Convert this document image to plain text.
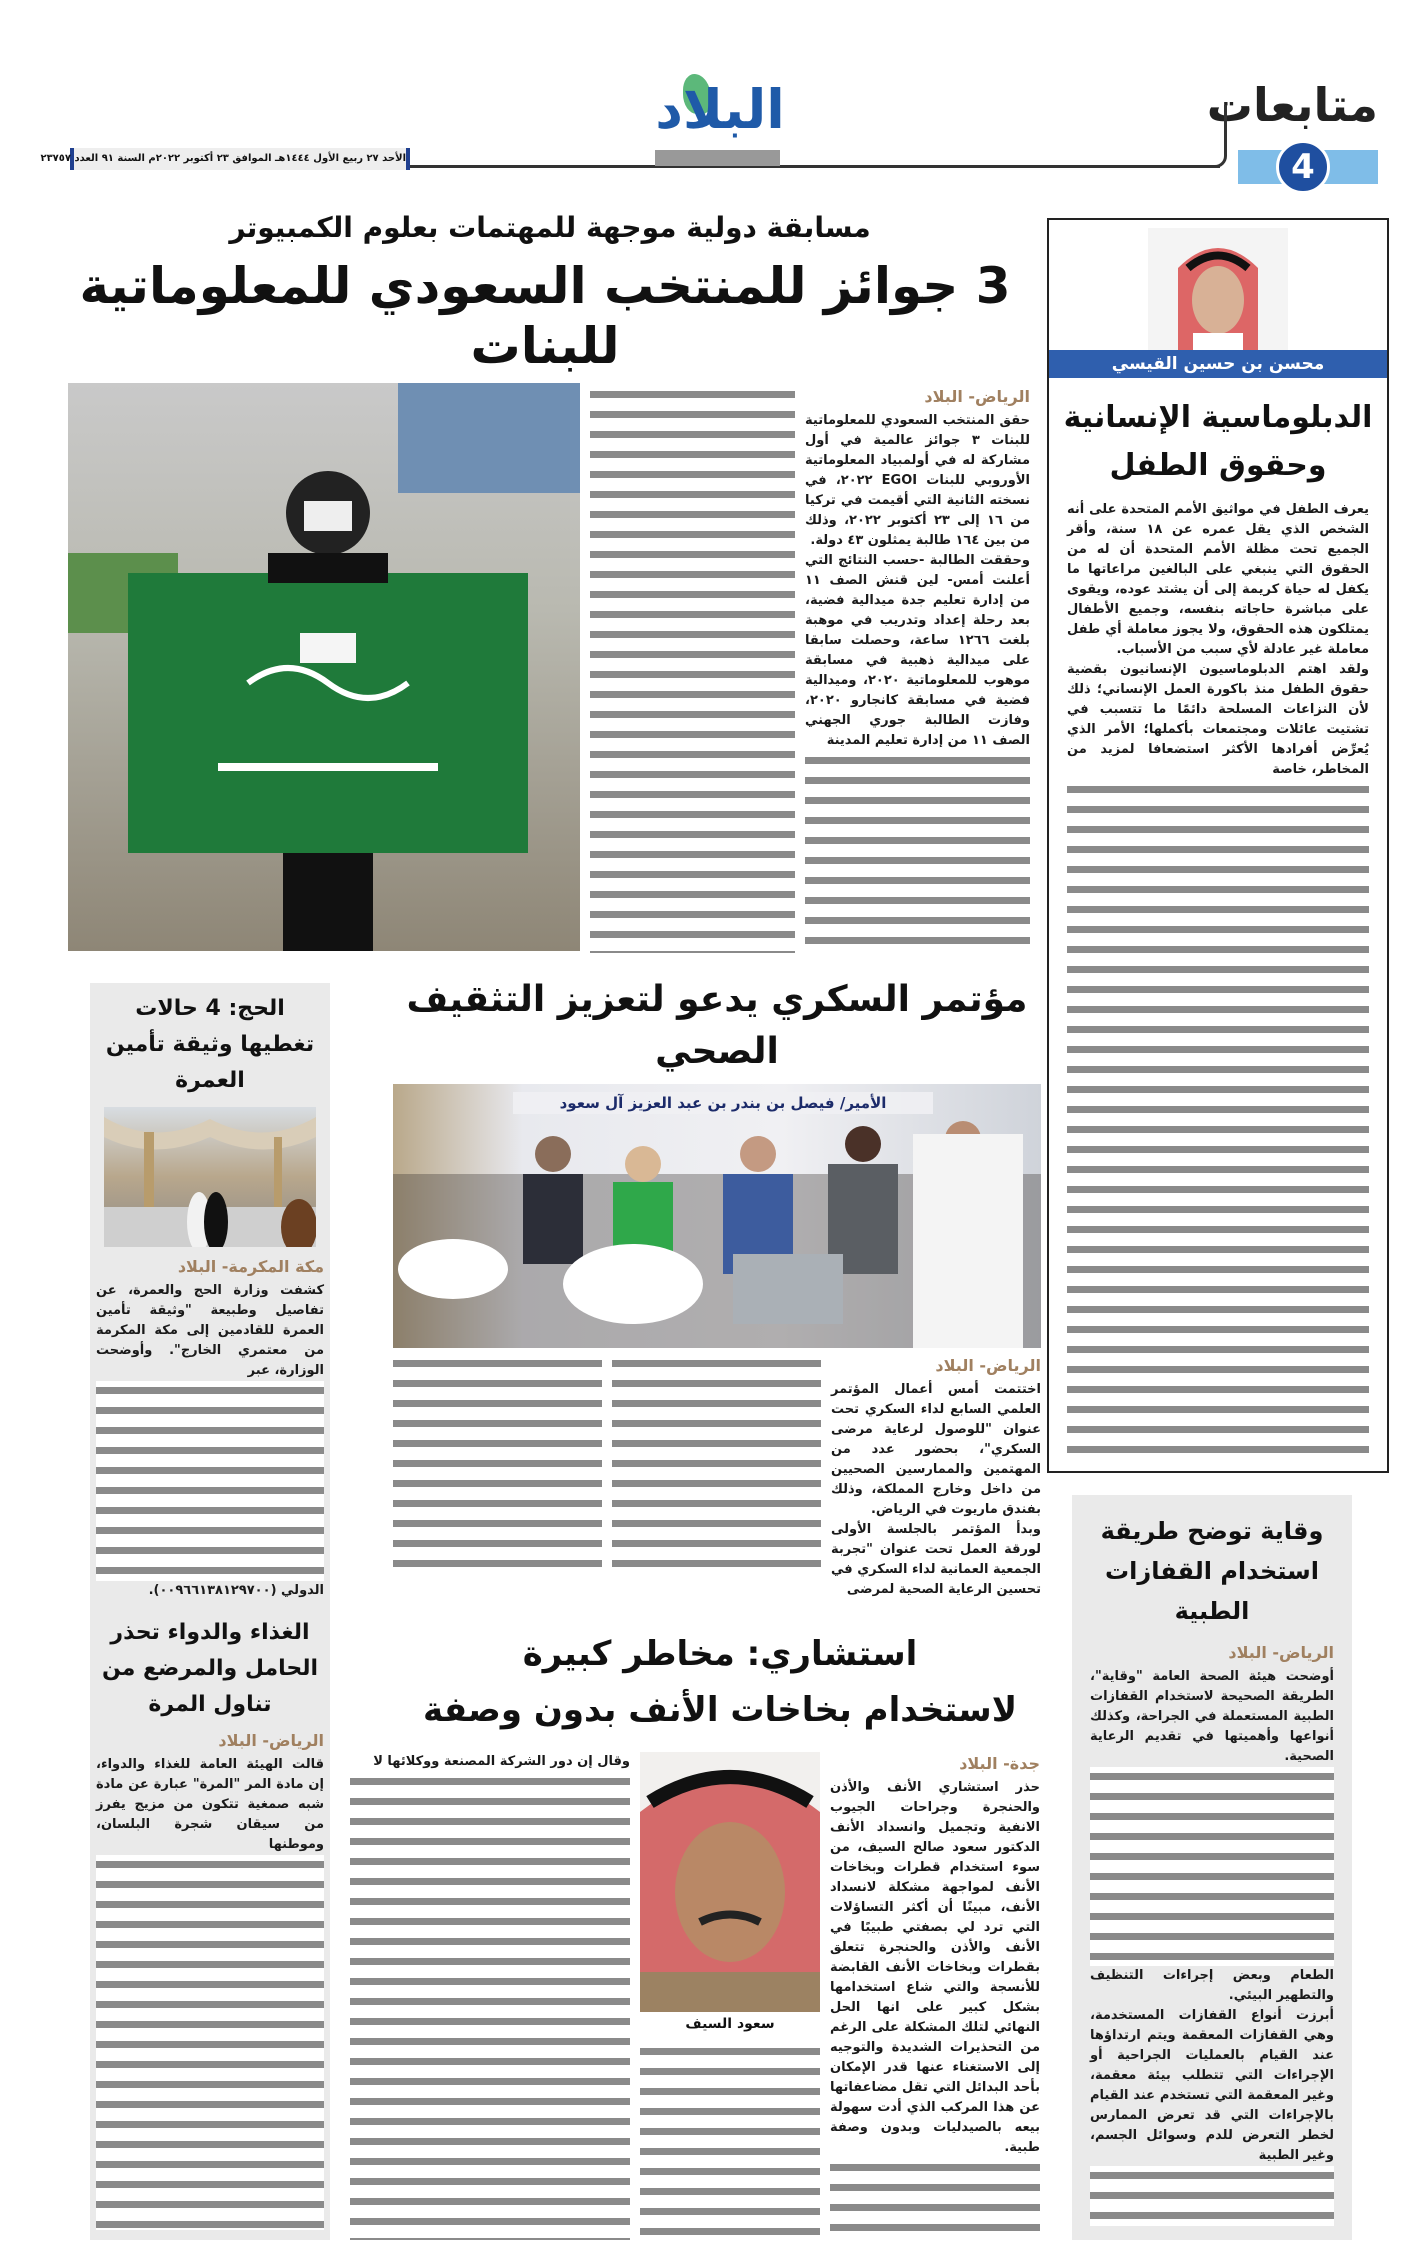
متابعات
4
البلاد
الأحد ٢٧ ربيع الأول ١٤٤٤هـ الموافق ٢٣ أكتوبر ٢٠٢٢م السنة ٩١ العدد ٢٣٧٥٧
مسابقة دولية موجهة للمهتمات بعلوم الكمبيوتر
3 جوائز للمنتخب السعودي للمعلوماتية للبنات
الرياض- البلاد
حقق المنتخب السعودي للمعلوماتية للبنات ٣ جوائز عالمية في أول مشاركة له في أولمبياد المعلوماتية الأوروبي للبنات EGOI ٢٠٢٢، في نسخته الثانية التي أقيمت في تركيا من ١٦ إلى ٢٣ أكتوبر ٢٠٢٢، وذلك من بين ١٦٤ طالبة يمثلون ٤٣ دولة.
وحققت الطالبة -حسب النتائج التي أعلنت أمس- لين قنش الصف ١١ من إدارة تعليم جدة ميدالية فضية، بعد رحلة إعداد وتدريب في موهبة بلغت ١٢٦٦ ساعة، وحصلت سابقا على ميدالية ذهبية في مسابقة موهوب للمعلوماتية ٢٠٢٠، وميدالية فضية في مسابقة كانجارو ٢٠٢٠، وفازت الطالبة جوري الجهني الصف ١١ من إدارة تعليم المدينة
محسن بن حسين القيسي
الدبلوماسية الإنسانية وحقوق الطفل
يعرف الطفل في مواثيق الأمم المتحدة على أنه الشخص الذي يقل عمره عن ١٨ سنة، وأقر الجميع تحت مظلة الأمم المتحدة أن له من الحقوق التي ينبغي على البالغين مراعاتها ما يكفل له حياة كريمة إلى أن يشتد عوده، ويقوى على مباشرة حاجاته بنفسه، وجميع الأطفال يمتلكون هذه الحقوق، ولا يجوز معاملة أي طفل معاملة غير عادلة لأي سبب من الأسباب.
ولقد اهتم الدبلوماسيون الإنسانيون بقضية حقوق الطفل منذ باكورة العمل الإنساني؛ ذلك لأن النزاعات المسلحة دائمًا ما تتسبب في تشتيت عائلات ومجتمعات بأكملها؛ الأمر الذي يُعرِّض أفرادها الأكثر استضعافا لمزيد من المخاطر، خاصة
وقاية توضح طريقة استخدام القفازات الطبية
الرياض- البلاد
أوضحت هيئة الصحة العامة "وقاية"، الطريقة الصحيحة لاستخدام القفازات الطبية المستعملة في الجراحة، وكذلك أنواعها وأهميتها في تقديم الرعاية الصحية.
الطعام وبعض إجراءات التنظيف والتطهير البيئي.
أبرزت أنواع القفازات المستخدمة، وهي القفازات المعقمة ويتم ارتداؤها عند القيام بالعمليات الجراحية أو الإجراءات التي تتطلب بيئة معقمة، وغير المعقمة التي تستخدم عند القيام بالإجراءات التي قد تعرض الممارس لخطر التعرض للدم وسوائل الجسم، وغير الطبية
الحج: 4 حالات تغطيها وثيقة تأمين العمرة
مكة المكرمة- البلاد
كشفت وزارة الحج والعمرة، عن تفاصيل وطبيعة "وثيقة تأمين العمرة للقادمين إلى مكة المكرمة من معتمري الخارج". وأوضحت الوزارة، عبر
الدولي (٠٠٩٦٦١٣٨١٢٩٧٠٠).
الغذاء والدواء تحذر الحامل والمرضع من تناول المرة
الرياض- البلاد
قالت الهيئة العامة للغذاء والدواء، إن مادة المر "المرة" عبارة عن مادة شبه صمغية تتكون من مزيج يفرز من سيقان شجرة البلسان، وموطنها
مؤتمر السكري يدعو لتعزيز التثقيف الصحي
الأمير/ فيصل بن بندر بن عبد العزيز آل سعود
الرياض- البلاد
اختتمت أمس أعمال المؤتمر العلمي السابع لداء السكري تحت عنوان "للوصول لرعاية مرضى السكري"، بحضور عدد من المهتمين والممارسين الصحيين من داخل وخارج المملكة، وذلك بفندق ماريوت في الرياض.
وبدأ المؤتمر بالجلسة الأولى لورقة العمل تحت عنوان "تجربة الجمعية العمانية لداء السكري في تحسين الرعاية الصحية لمرضى
استشاري: مخاطر كبيرة
لاستخدام بخاخات الأنف بدون وصفة
سعود السيف
جدة- البلاد
حذر استشاري الأنف والأذن والحنجرة وجراحات الجيوب الانفية وتجميل وانسداد الأنف الدكتور سعود صالح السيف، من سوء استخدام قطرات وبخاخات الأنف لمواجهة مشكلة لانسداد الأنف، مبينًا أن أكثر التساؤلات التي ترد لي بصفتي طبيبًا في الأنف والأذن والحنجرة تتعلق بقطرات وبخاخات الأنف القابضة للأنسجة والتي شاع استخدامها بشكل كبير على انها الحل النهائي لتلك المشكلة على الرغم من التحذيرات الشديدة والتوجيه إلى الاستغناء عنها قدر الإمكان بأحد البدائل التي تقل مضاعفاتها عن هذا المركب الذي أدت سهولة بيعه بالصيدليات وبدون وصفة طبية.
وقال إن دور الشركة المصنعة ووكلائها لا
